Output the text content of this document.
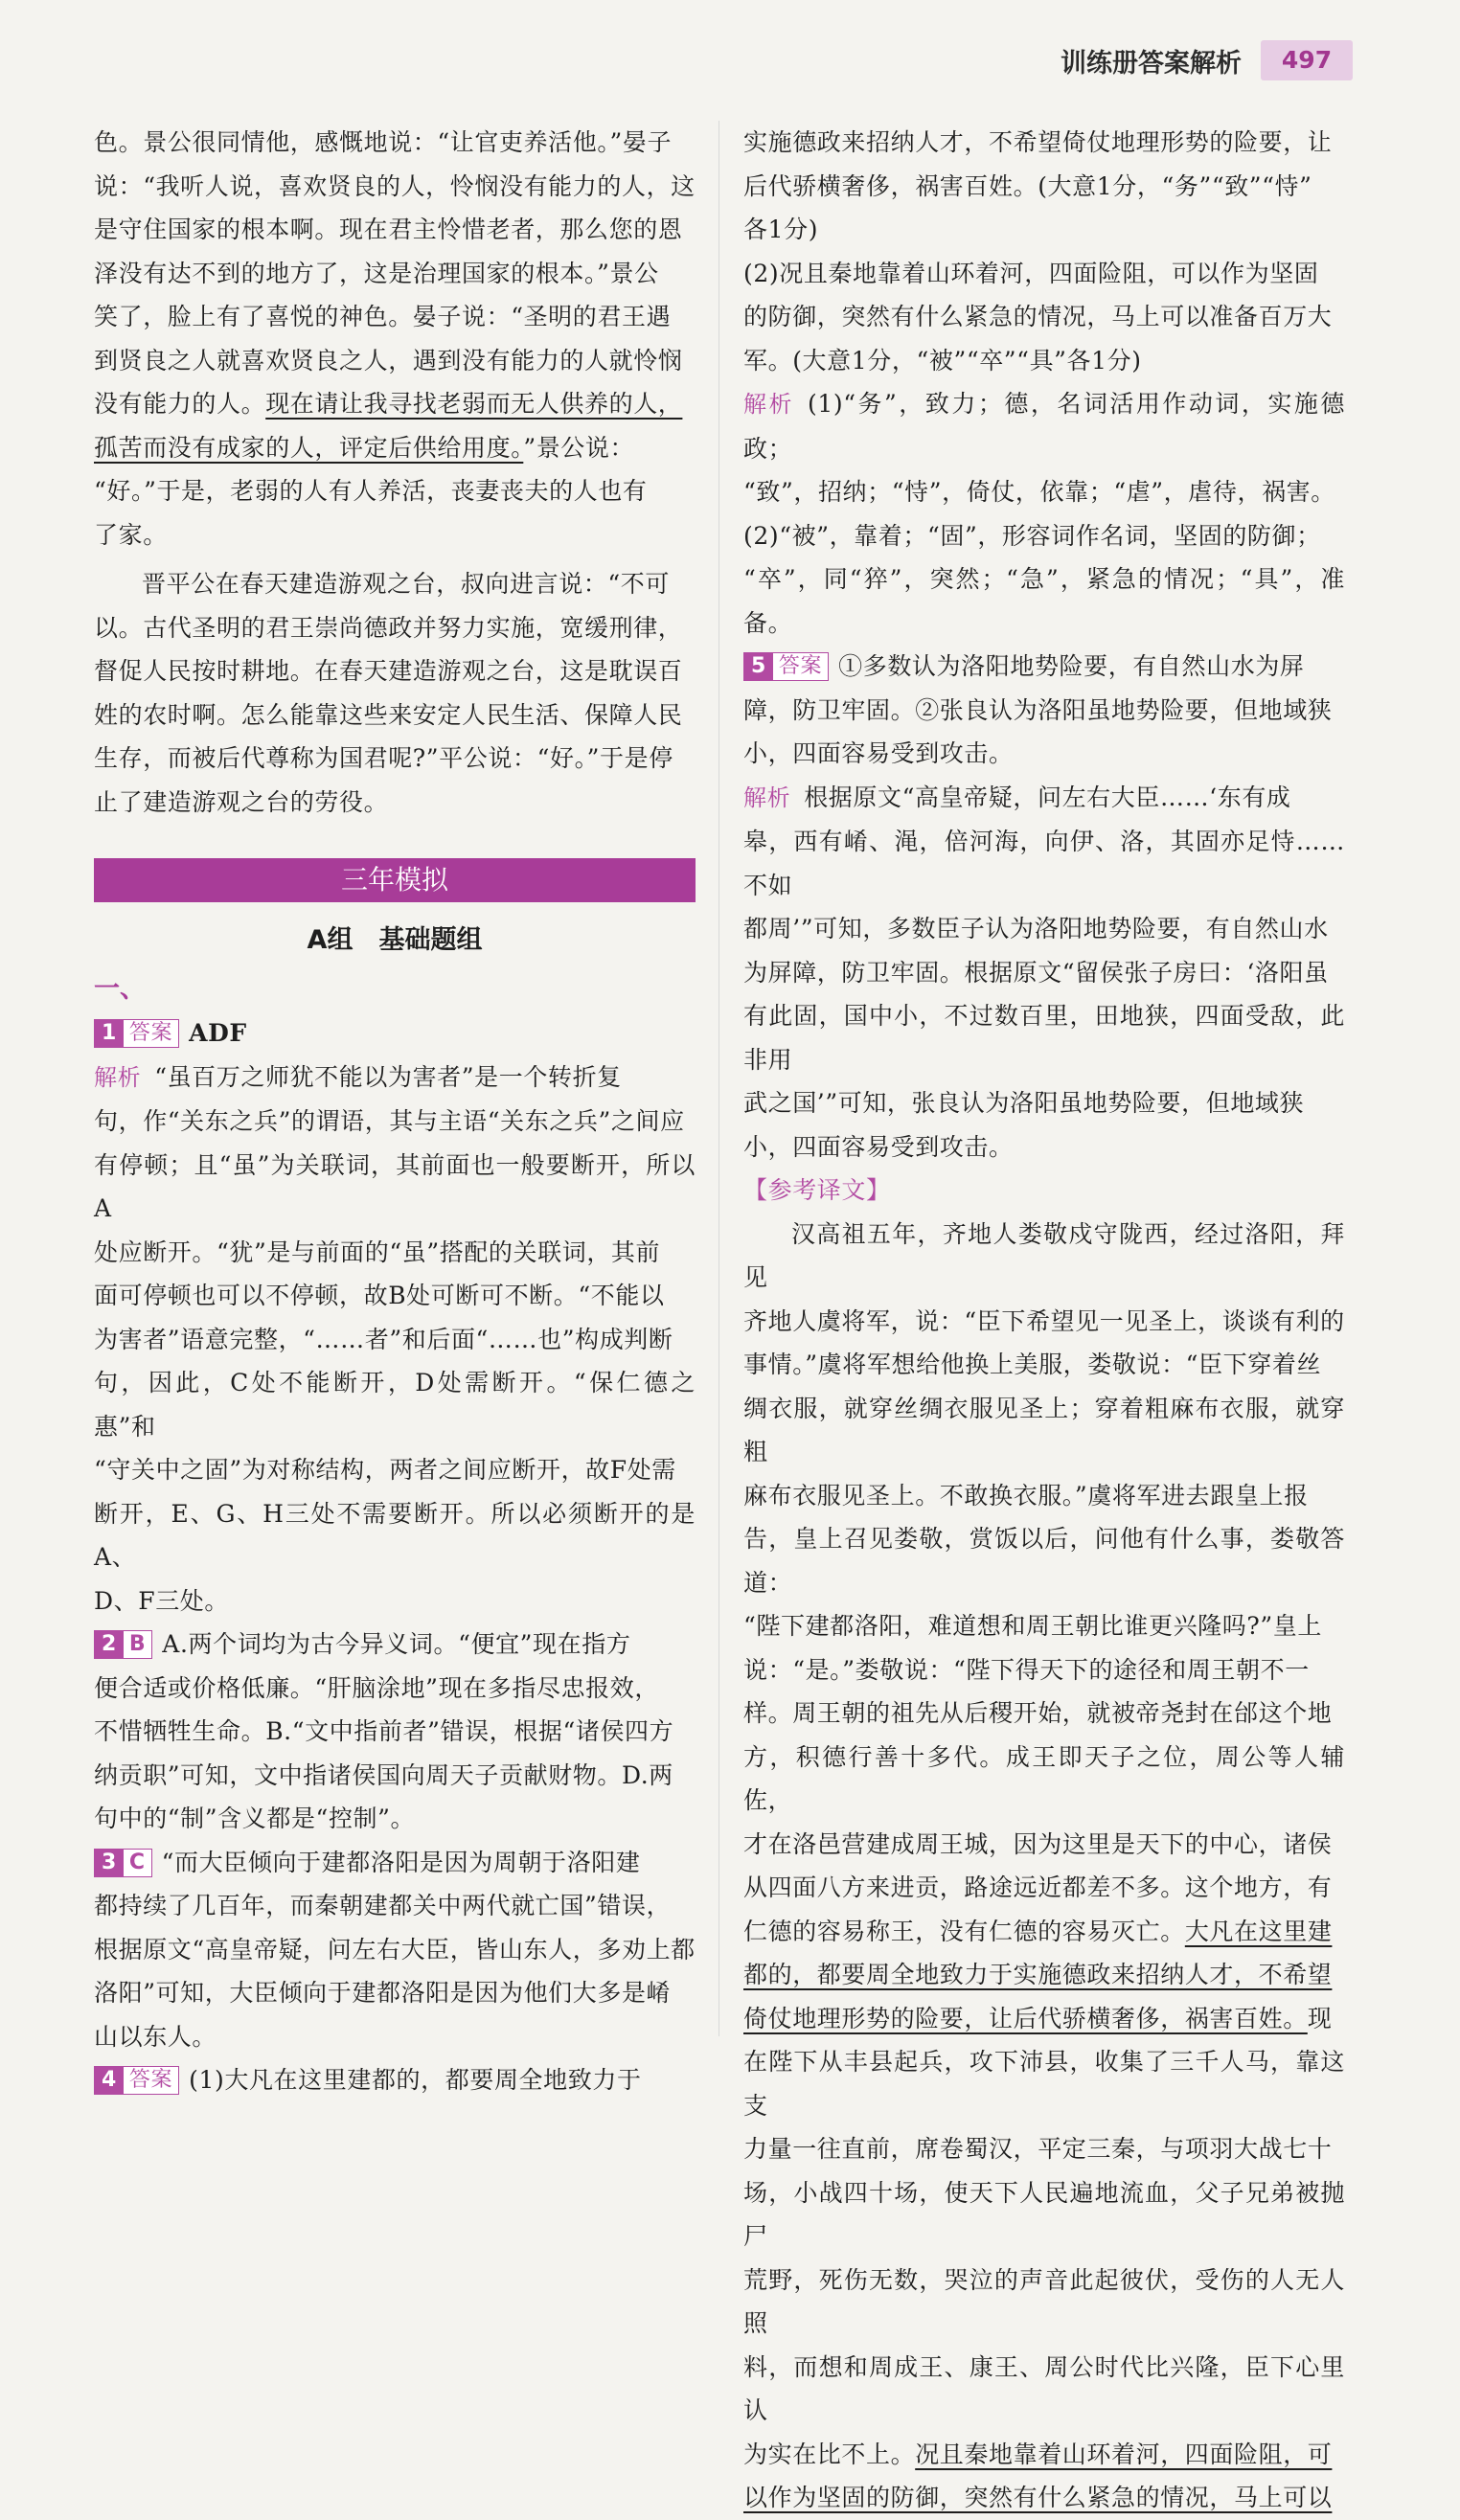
训练册答案解析	497

色。景公很同情他，感慨地说：“让官吏养活他。”晏子

说：“我听人说，喜欢贤良的人，怜悯没有能力的人，这

是守住国家的根本啊。现在君主怜惜老者，那么您的恩

泽没有达不到的地方了，这是治理国家的根本。”景公

笑了，脸上有了喜悦的神色。晏子说：“圣明的君王遇

到贤良之人就喜欢贤良之人，遇到没有能力的人就怜悯

没有能力的人。现在请让我寻找老弱而无人供养的人，

孤苦而没有成家的人，评定后供给用度。”景公说：

“好。”于是，老弱的人有人养活，丧妻丧夫的人也有

了家。

晋平公在春天建造游观之台，叔向进言说：“不可

以。古代圣明的君王崇尚德政并努力实施，宽缓刑律，

督促人民按时耕地。在春天建造游观之台，这是耽误百

姓的农时啊。怎么能靠这些来安定人民生活、保障人民

生存，而被后代尊称为国君呢?”平公说：“好。”于是停

止了建造游观之台的劳役。

三年模拟
A组　基础题组
一、

1 答案 ADF

解析 “虽百万之师犹不能以为害者”是一个转折复

句，作“关东之兵”的谓语，其与主语“关东之兵”之间应

有停顿；且“虽”为关联词，其前面也一般要断开，所以A

处应断开。“犹”是与前面的“虽”搭配的关联词，其前

面可停顿也可以不停顿，故B处可断可不断。“不能以

为害者”语意完整，“……者”和后面“……也”构成判断

句，因此，C处不能断开，D处需断开。“保仁德之惠”和

“守关中之固”为对称结构，两者之间应断开，故F处需

断开，E、G、H三处不需要断开。所以必须断开的是A、

D、F三处。

2 B A.两个词均为古今异义词。“便宜”现在指方

便合适或价格低廉。“肝脑涂地”现在多指尽忠报效，

不惜牺牲生命。B.“文中指前者”错误，根据“诸侯四方

纳贡职”可知，文中指诸侯国向周天子贡献财物。D.两

句中的“制”含义都是“控制”。

3 C “而大臣倾向于建都洛阳是因为周朝于洛阳建

都持续了几百年，而秦朝建都关中两代就亡国”错误，

根据原文“高皇帝疑，问左右大臣，皆山东人，多劝上都

洛阳”可知，大臣倾向于建都洛阳是因为他们大多是崤

山以东人。

4 答案 (1)大凡在这里建都的，都要周全地致力于

实施德政来招纳人才，不希望倚仗地理形势的险要，让

后代骄横奢侈，祸害百姓。(大意1分，“务”“致”“恃”

各1分)

(2)况且秦地靠着山环着河，四面险阻，可以作为坚固

的防御，突然有什么紧急的情况，马上可以准备百万大

军。(大意1分，“被”“卒”“具”各1分)

解析 (1)“务”，致力；德，名词活用作动词，实施德政；

“致”，招纳；“恃”，倚仗，依靠；“虐”，虐待，祸害。

(2)“被”，靠着；“固”，形容词作名词，坚固的防御；

“卒”，同“猝”，突然；“急”，紧急的情况；“具”，准备。

5 答案 ①多数认为洛阳地势险要，有自然山水为屏

障，防卫牢固。②张良认为洛阳虽地势险要，但地域狭

小，四面容易受到攻击。

解析 根据原文“高皇帝疑，问左右大臣……‘东有成

皋，西有崤、渑，倍河海，向伊、洛，其固亦足恃……不如

都周’”可知，多数臣子认为洛阳地势险要，有自然山水

为屏障，防卫牢固。根据原文“留侯张子房曰：‘洛阳虽

有此固，国中小，不过数百里，田地狭，四面受敌，此非用

武之国’”可知，张良认为洛阳虽地势险要，但地域狭

小，四面容易受到攻击。

【参考译文】

汉高祖五年，齐地人娄敬戍守陇西，经过洛阳，拜见

齐地人虞将军，说：“臣下希望见一见圣上，谈谈有利的

事情。”虞将军想给他换上美服，娄敬说：“臣下穿着丝

绸衣服，就穿丝绸衣服见圣上；穿着粗麻布衣服，就穿粗

麻布衣服见圣上。不敢换衣服。”虞将军进去跟皇上报

告，皇上召见娄敬，赏饭以后，问他有什么事，娄敬答道：

“陛下建都洛阳，难道想和周王朝比谁更兴隆吗?”皇上

说：“是。”娄敬说：“陛下得天下的途径和周王朝不一

样。周王朝的祖先从后稷开始，就被帝尧封在邰这个地

方，积德行善十多代。成王即天子之位，周公等人辅佐，

才在洛邑营建成周王城，因为这里是天下的中心，诸侯

从四面八方来进贡，路途远近都差不多。这个地方，有

仁德的容易称王，没有仁德的容易灭亡。大凡在这里建

都的，都要周全地致力于实施德政来招纳人才，不希望

倚仗地理形势的险要，让后代骄横奢侈，祸害百姓。现

在陛下从丰县起兵，攻下沛县，收集了三千人马，靠这支

力量一往直前，席卷蜀汉，平定三秦，与项羽大战七十

场，小战四十场，使天下人民遍地流血，父子兄弟被抛尸

荒野，死伤无数，哭泣的声音此起彼伏，受伤的人无人照

料，而想和周成王、康王、周公时代比兴隆，臣下心里认

为实在比不上。况且秦地靠着山环着河，四面险阻，可

以作为坚固的防御，突然有什么紧急的情况，马上可以
